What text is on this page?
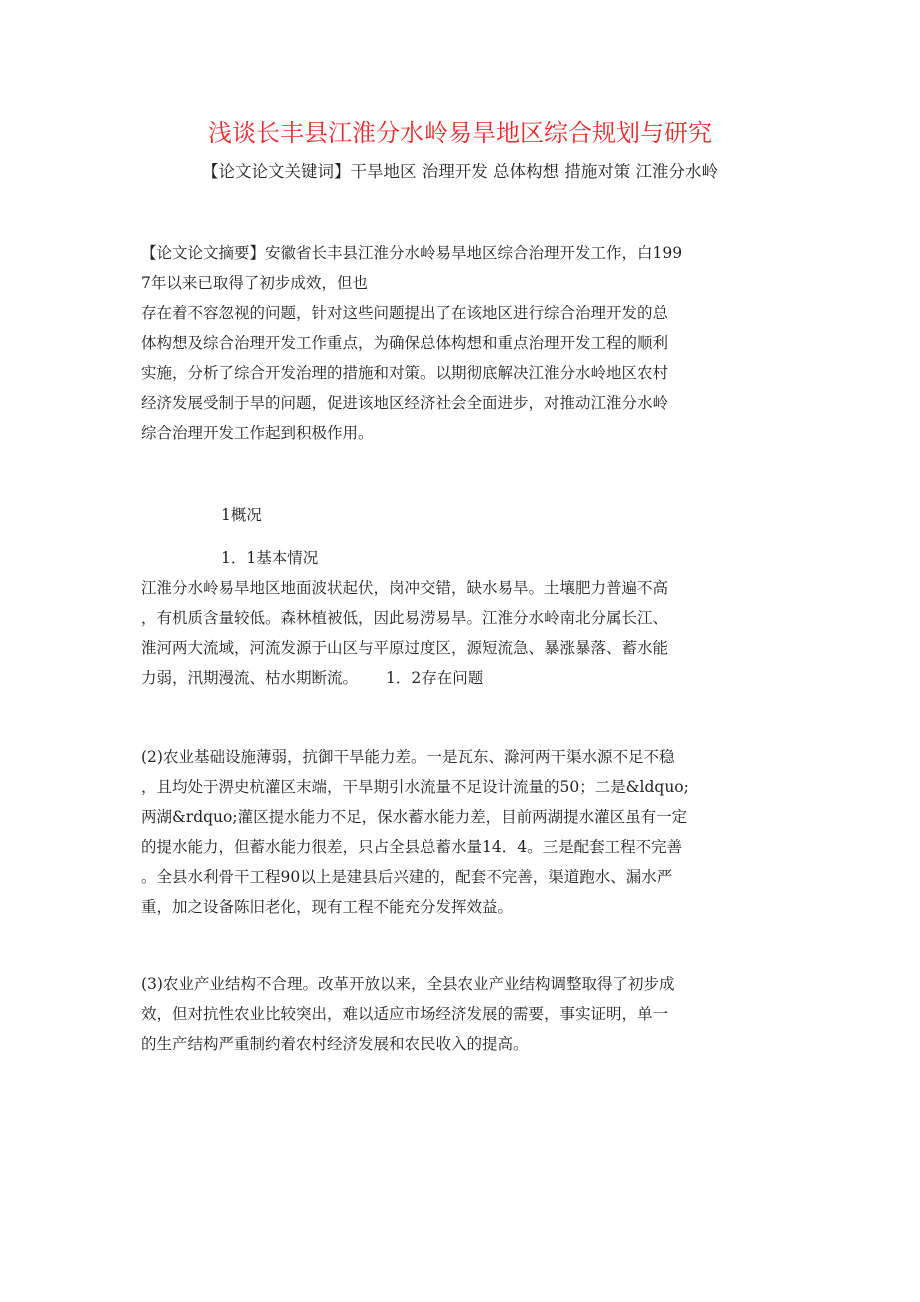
浅谈长丰县江淮分水岭易旱地区综合规划与研究
【论文论文关键词】干旱地区 治理开发 总体构想 措施对策 江淮分水岭
【论文论文摘要】安徽省长丰县江淮分水岭易旱地区综合治理开发工作，白199
7年以来已取得了初步成效，但也
存在着不容忽视的问题，针对这些问题提出了在该地区进行综合治理开发的总
体构想及综合治理开发工作重点，为确保总体构想和重点治理开发工程的顺利
实施，分析了综合开发治理的措施和对策。以期彻底解决江淮分水岭地区农村
经济发展受制于旱的问题，促进该地区经济社会全面进步，对推动江淮分水岭
综合治理开发工作起到积极作用。
1概况
1．1基本情况
江淮分水岭易旱地区地面波状起伏，岗冲交错，缺水易旱。土壤肥力普遍不高
，有机质含量较低。森林植被低，因此易涝易旱。江淮分水岭南北分属长江、
淮河两大流域，河流发源于山区与平原过度区，源短流急、暴涨暴落、蓄水能
力弱，汛期漫流、枯水期断流。 1．2存在问题
(2)农业基础设施薄弱，抗御干旱能力差。一是瓦东、滁河两干渠水源不足不稳
，且均处于淠史杭灌区末端，干旱期引水流量不足设计流量的50；二是&ldquo;
两湖&rdquo;灌区提水能力不足，保水蓄水能力差，目前两湖提水灌区虽有一定
的提水能力，但蓄水能力很差，只占全县总蓄水量14．4。三是配套工程不完善
。全县水利骨干工程90以上是建县后兴建的，配套不完善，渠道跑水、漏水严
重，加之设备陈旧老化，现有工程不能充分发挥效益。
(3)农业产业结构不合理。改革开放以来，全县农业产业结构调整取得了初步成
效，但对抗性农业比较突出，难以适应市场经济发展的需要，事实证明，单一
的生产结构严重制约着农村经济发展和农民收入的提高。
